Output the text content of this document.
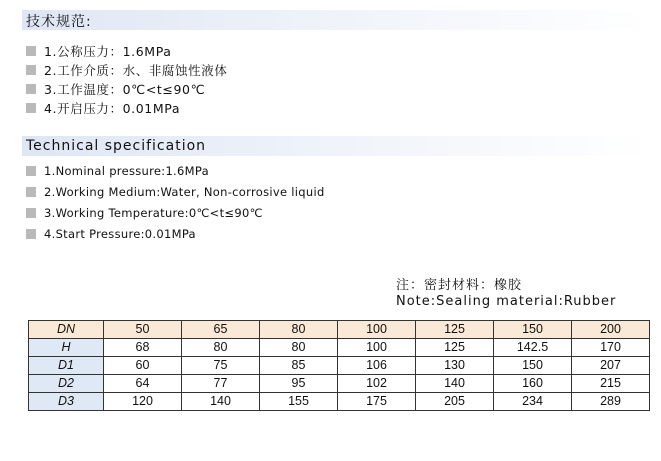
技术规范:
1.公称压力：1.6MPa
2.工作介质：水、非腐蚀性液体
3.工作温度：0℃<t≤90℃
4.开启压力：0.01MPa
Technical specification
1.Nominal pressure:1.6MPa
2.Working Medium:Water, Non-corrosive liquid
3.Working Temperature:0℃<t≤90℃
4.Start Pressure:0.01MPa
注：密封材料：橡胶
Note:Sealing material:Rubber
DN	50	65	80	100	125	150	200
H	68	80	80	100	125	142.5	170
D1	60	75	85	106	130	150	207
D2	64	77	95	102	140	160	215
D3	120	140	155	175	205	234	289
